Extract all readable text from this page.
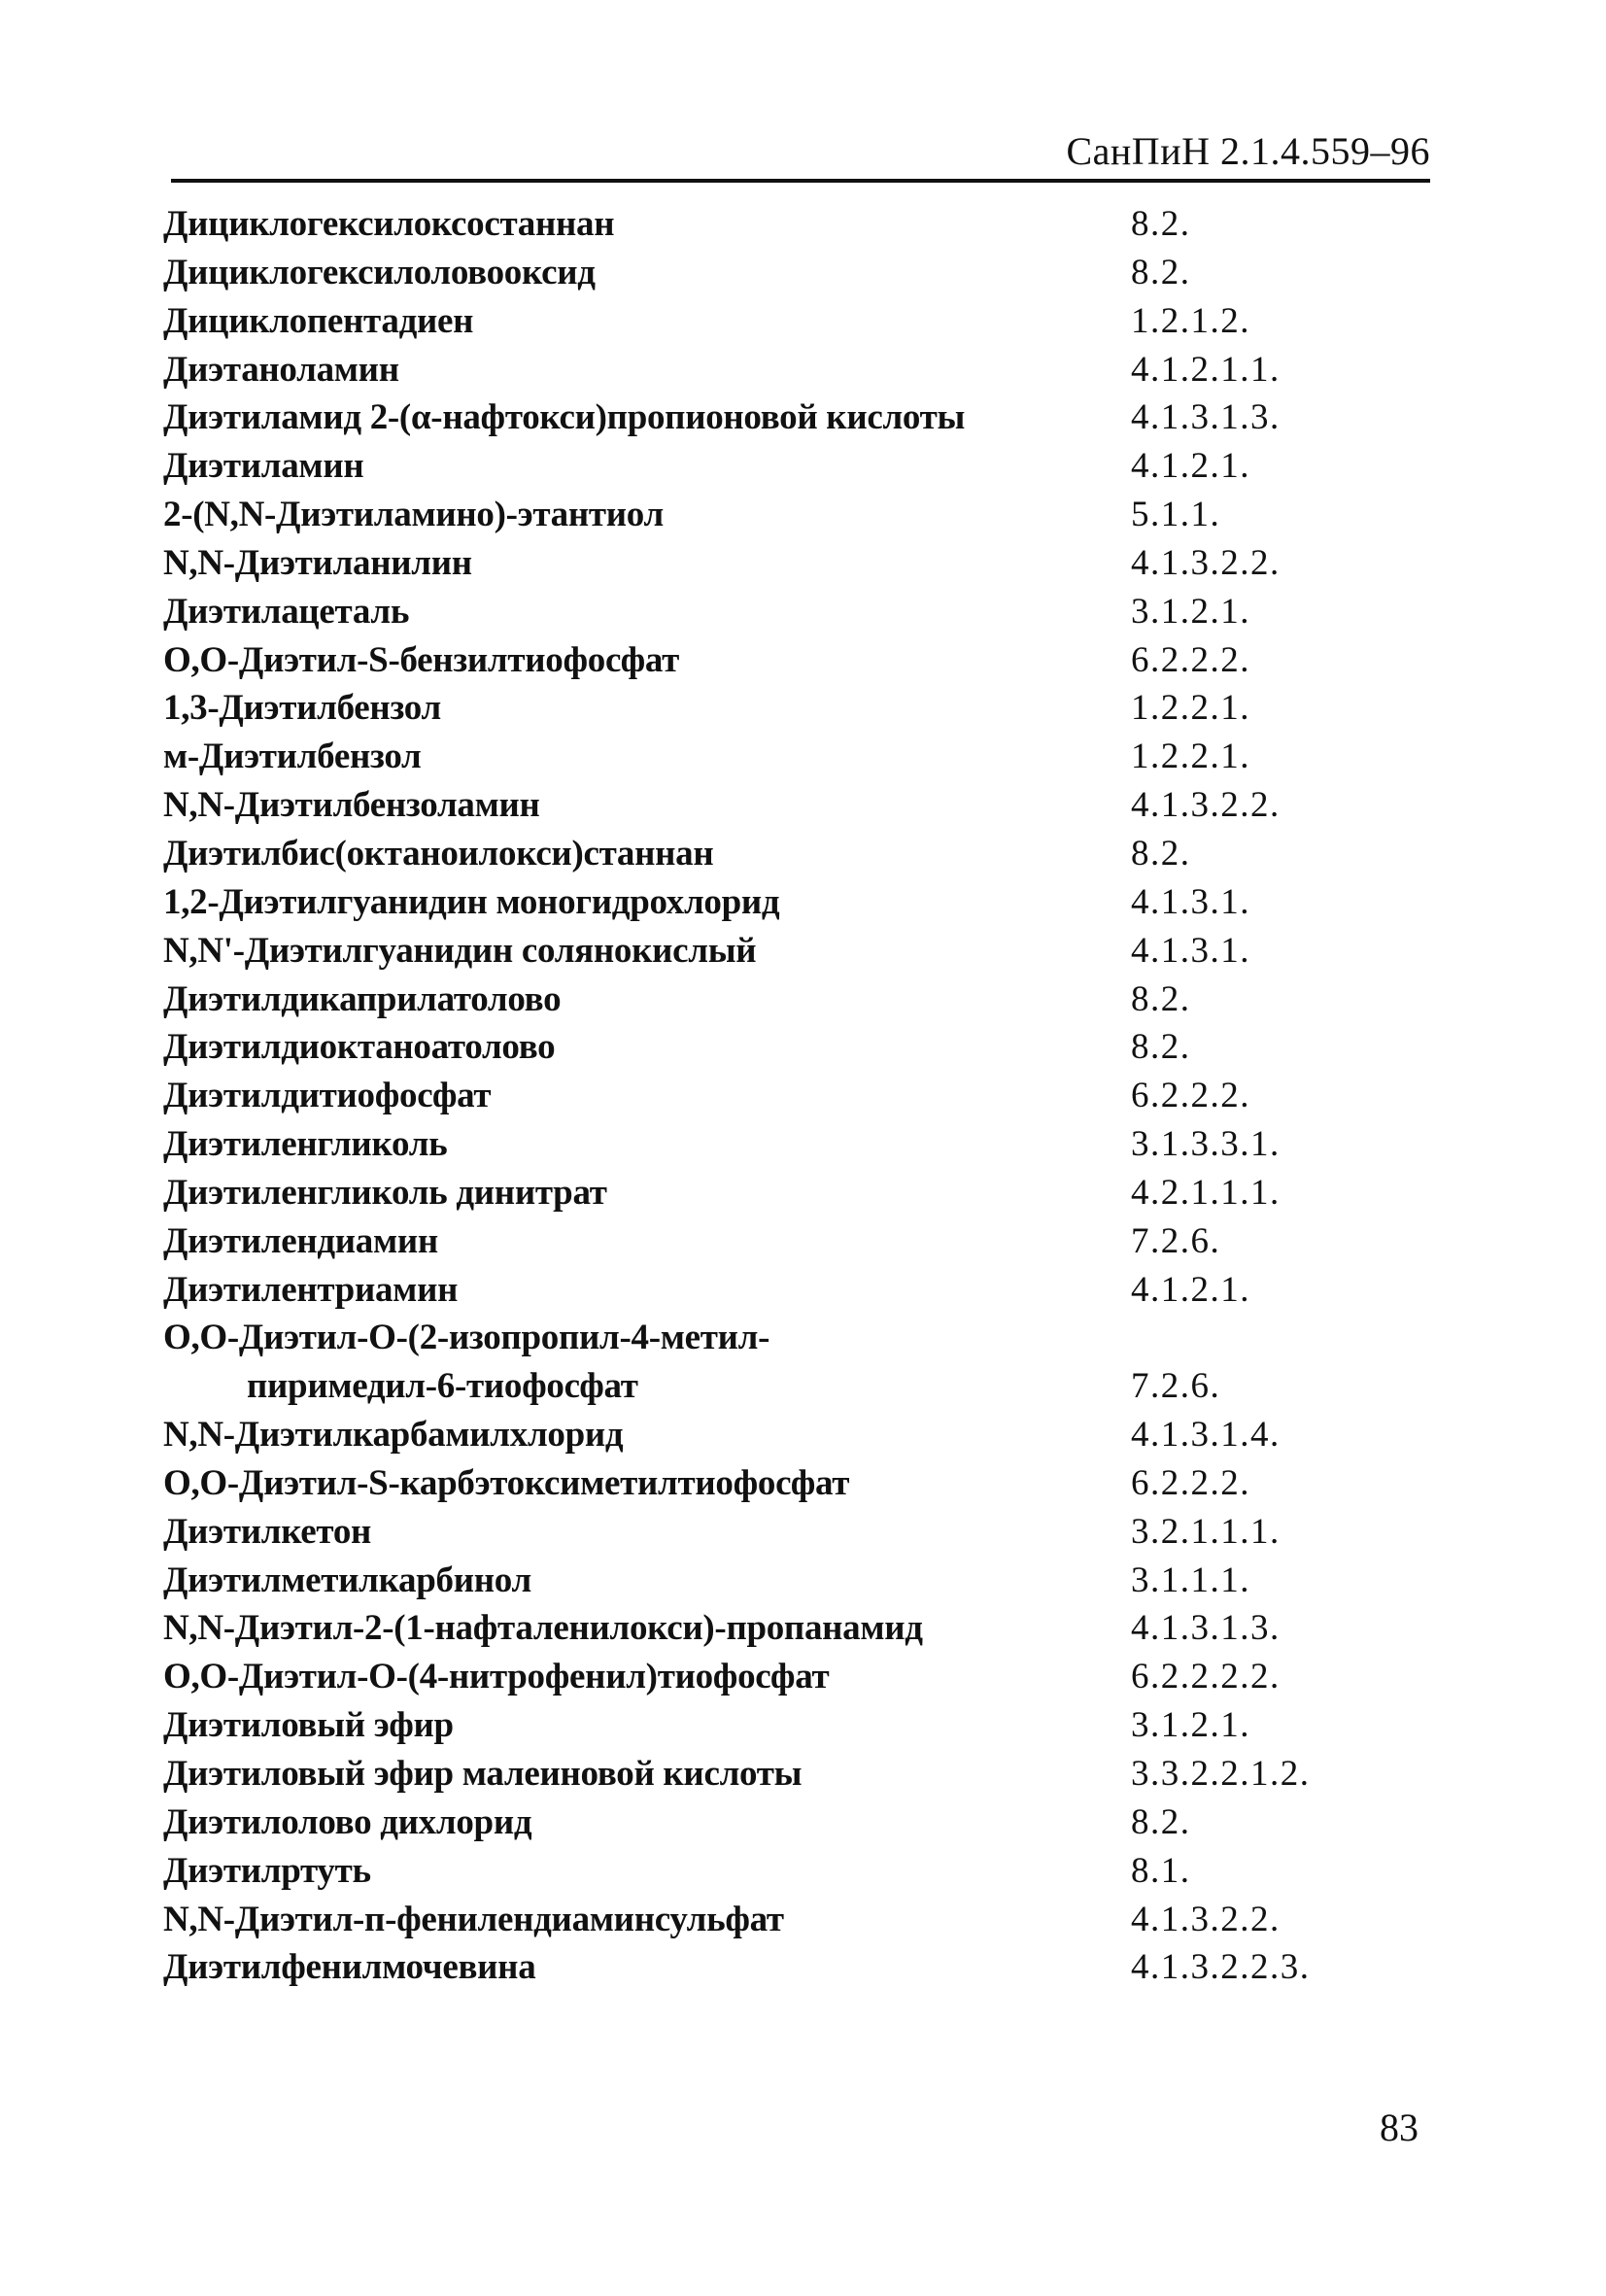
СанПиН 2.1.4.559–96
Дициклогексилоксостаннан	8.2.
Дициклогексилоловооксид	8.2.
Дициклопентадиен	1.2.1.2.
Диэтаноламин	4.1.2.1.1.
Диэтиламид 2-(α-нафтокси)пропионовой кислоты	4.1.3.1.3.
Диэтиламин	4.1.2.1.
2-(N,N-Диэтиламино)-этантиол	5.1.1.
N,N-Диэтиланилин	4.1.3.2.2.
Диэтилацеталь	3.1.2.1.
O,O-Диэтил-S-бензилтиофосфат	6.2.2.2.
1,3-Диэтилбензол	1.2.2.1.
м-Диэтилбензол	1.2.2.1.
N,N-Диэтилбензоламин	4.1.3.2.2.
Диэтилбис(октаноилокси)станнан	8.2.
1,2-Диэтилгуанидин моногидрохлорид	4.1.3.1.
N,N'-Диэтилгуанидин солянокислый	4.1.3.1.
Диэтилдикаприлатолово	8.2.
Диэтилдиоктаноатолово	8.2.
Диэтилдитиофосфат	6.2.2.2.
Диэтиленгликоль	3.1.3.3.1.
Диэтиленгликоль динитрат	4.2.1.1.1.
Диэтилендиамин	7.2.6.
Диэтилентриамин	4.1.2.1.
O,O-Диэтил-O-(2-изопропил-4-метил-
пиримедил-6-тиофосфат	7.2.6.
N,N-Диэтилкарбамилхлорид	4.1.3.1.4.
O,O-Диэтил-S-карбэтоксиметилтиофосфат	6.2.2.2.
Диэтилкетон	3.2.1.1.1.
Диэтилметилкарбинол	3.1.1.1.
N,N-Диэтил-2-(1-нафталенилокси)-пропанамид	4.1.3.1.3.
O,O-Диэтил-O-(4-нитрофенил)тиофосфат	6.2.2.2.2.
Диэтиловый эфир	3.1.2.1.
Диэтиловый эфир малеиновой кислоты	3.3.2.2.1.2.
Диэтилолово дихлорид	8.2.
Диэтилртуть	8.1.
N,N-Диэтил-п-фенилендиаминсульфат	4.1.3.2.2.
Диэтилфенилмочевина	4.1.3.2.2.3.
83
